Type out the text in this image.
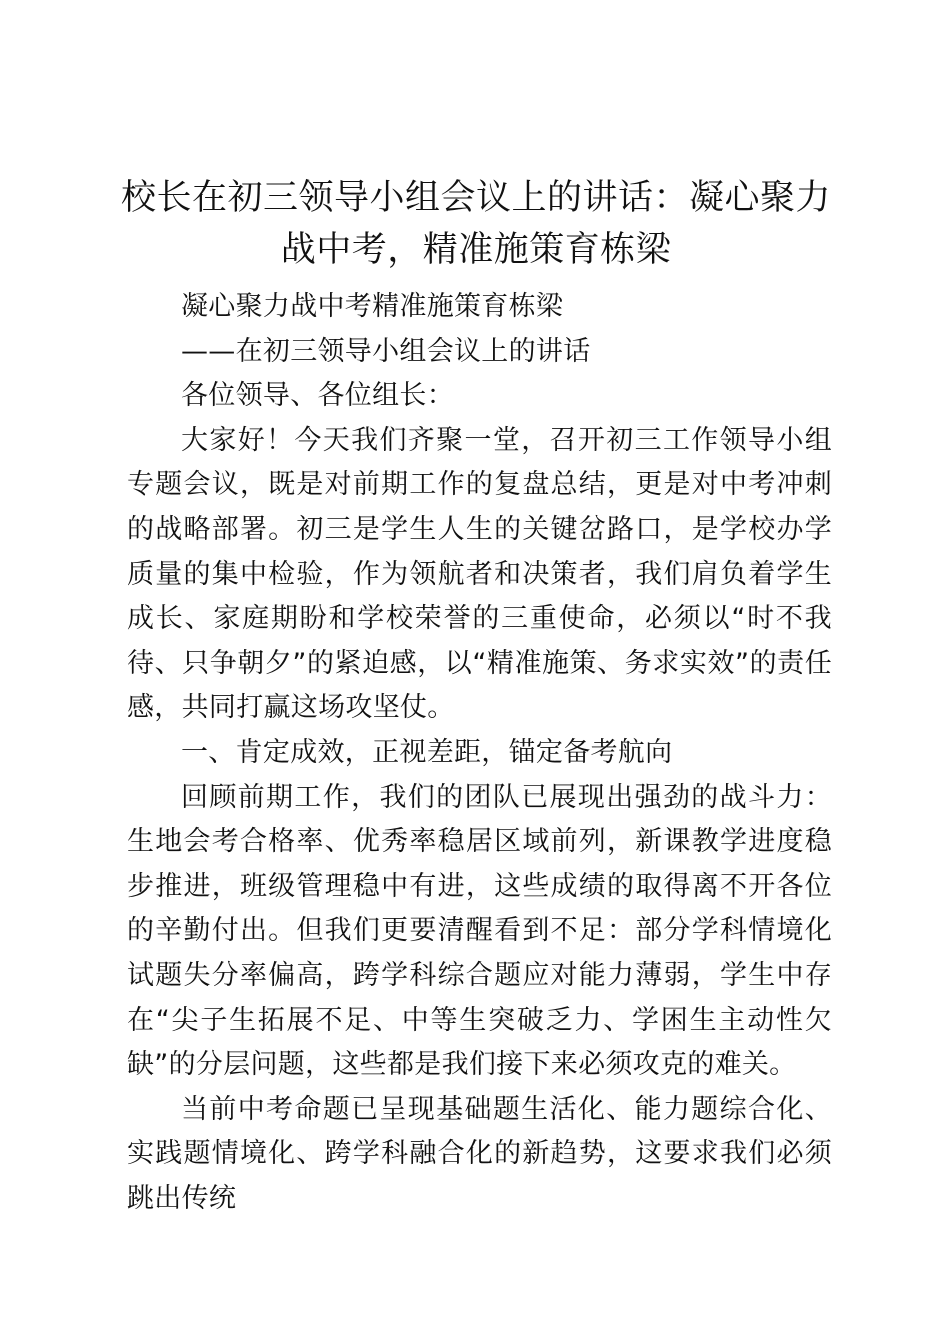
校长在初三领导小组会议上的讲话：凝心聚力战中考，精准施策育栋梁

凝心聚力战中考精准施策育栋梁

——在初三领导小组会议上的讲话

各位领导、各位组长：

大家好！今天我们齐聚一堂，召开初三工作领导小组专题会议，既是对前期工作的复盘总结，更是对中考冲刺的战略部署。初三是学生人生的关键岔路口，是学校办学质量的集中检验，作为领航者和决策者，我们肩负着学生成长、家庭期盼和学校荣誉的三重使命，必须以“时不我待、只争朝夕”的紧迫感，以“精准施策、务求实效”的责任感，共同打赢这场攻坚仗。

一、肯定成效，正视差距，锚定备考航向

回顾前期工作，我们的团队已展现出强劲的战斗力：生地会考合格率、优秀率稳居区域前列，新课教学进度稳步推进，班级管理稳中有进，这些成绩的取得离不开各位的辛勤付出。但我们更要清醒看到不足：部分学科情境化试题失分率偏高，跨学科综合题应对能力薄弱，学生中存在“尖子生拓展不足、中等生突破乏力、学困生主动性欠缺”的分层问题，这些都是我们接下来必须攻克的难关。

当前中考命题已呈现基础题生活化、能力题综合化、实践题情境化、跨学科融合化的新趋势，这要求我们必须跳出传统
